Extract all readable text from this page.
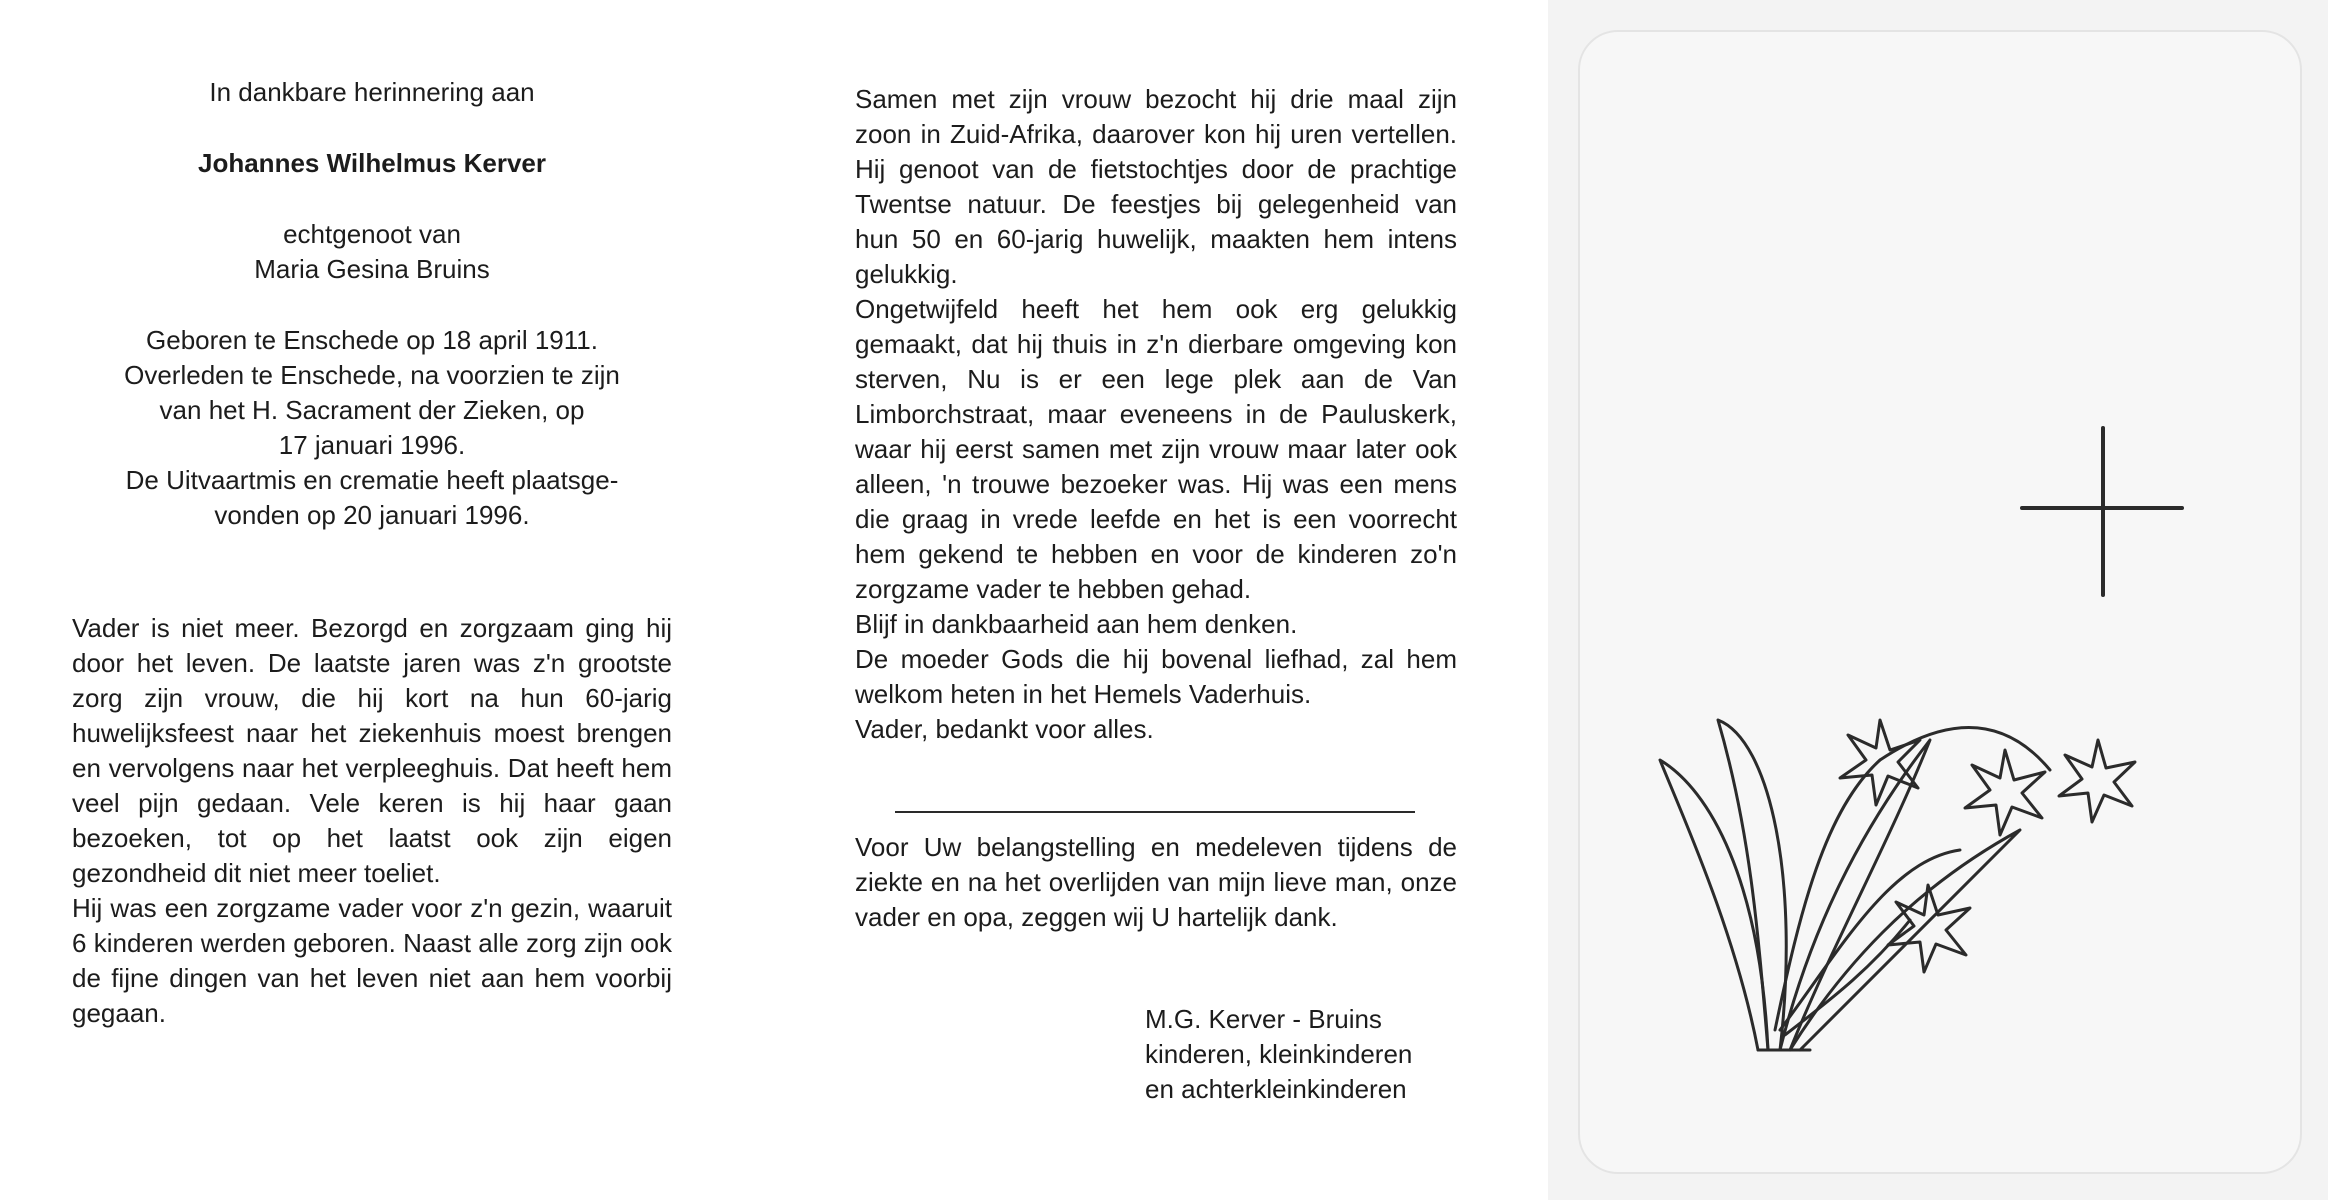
In dankbare herinnering aan

Johannes Wilhelmus Kerver

echtgenoot van

Maria Gesina Bruins

Geboren te Enschede op 18 april 1911.

Overleden te Enschede, na voorzien te zijn

van het H. Sacrament der Zieken, op

17 januari 1996.

De Uitvaartmis en crematie heeft plaatsge-

vonden op 20 januari 1996.

Vader is niet meer. Bezorgd en zorgzaam ging hij door het leven. De laatste jaren was z'n grootste zorg zijn vrouw, die hij kort na hun 60-jarig huwelijksfeest naar het ziekenhuis moest brengen en vervolgens naar het verpleeghuis. Dat heeft hem veel pijn gedaan. Vele keren is hij haar gaan bezoeken, tot op het laatst ook zijn eigen gezondheid dit niet meer toeliet.

Hij was een zorgzame vader voor z'n gezin, waaruit 6 kinderen werden geboren. Naast alle zorg zijn ook de fijne dingen van het leven niet aan hem voorbij gegaan.

Samen met zijn vrouw bezocht hij drie maal zijn zoon in Zuid-Afrika, daarover kon hij uren vertellen. Hij genoot van de fietstochtjes door de prachtige Twentse natuur. De feestjes bij gelegenheid van hun 50 en 60-jarig huwelijk, maakten hem intens gelukkig.

Ongetwijfeld heeft het hem ook erg gelukkig gemaakt, dat hij thuis in z'n dierbare omgeving kon sterven, Nu is er een lege plek aan de Van Limborchstraat, maar eveneens in de Pauluskerk, waar hij eerst samen met zijn vrouw maar later ook alleen, 'n trouwe bezoeker was. Hij was een mens die graag in vrede leefde en het is een voorrecht hem gekend te hebben en voor de kinderen zo'n zorgzame vader te hebben gehad.

Blijf in dankbaarheid aan hem denken.

De moeder Gods die hij bovenal liefhad, zal hem welkom heten in het Hemels Vaderhuis.

Vader, bedankt voor alles.

Voor Uw belangstelling en medeleven tijdens de ziekte en na het overlijden van mijn lieve man, onze vader en opa, zeggen wij U hartelijk dank.

M.G. Kerver - Bruins
kinderen, kleinkinderen
en achterkleinkinderen
